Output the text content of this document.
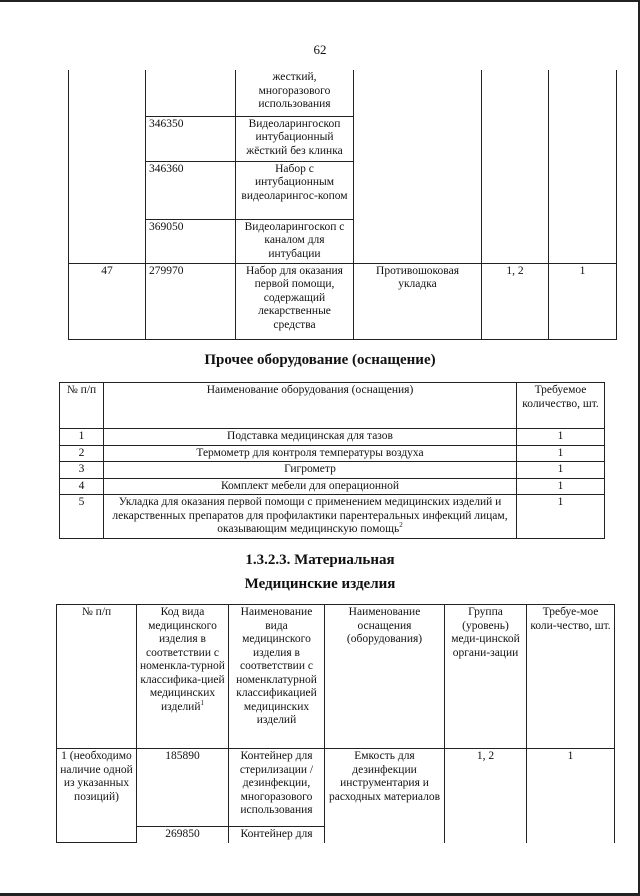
62
		жесткий, многоразового использования			
	346350	Видеоларингоскоп интубационный жёсткий без клинка			
	346360	Набор с интубационным видеоларингос-копом			
	369050	Видеоларингоскоп с каналом для интубации			
47	279970	Набор для оказания первой помощи, содержащий лекарственные средства	Противошоковая укладка	1, 2	1
Прочее оборудование (оснащение)
№ п/п	Наименование оборудования (оснащения)	Требуемое количество, шт.
1	Подставка медицинская для тазов	1
2	Термометр для контроля температуры воздуха	1
3	Гигрометр	1
4	Комплект мебели для операционной	1
5	Укладка для оказания первой помощи с применением медицинских изделий и лекарственных препаратов для профилактики парентеральных инфекций лицам, оказывающим медицинскую помощь$^2$	1
1.3.2.3. Материальная
Медицинские изделия
№ п/п	Код вида медицинского изделия в соответствии с номенкла-турной классифика-цией медицинских изделий$^1$	Наименование вида медицинского изделия в соответствии с номенклатурной классификацией медицинских изделий	Наименование оснащения (оборудования)	Группа (уровень) меди-цинской органи-зации	Требуе-мое коли-чество, шт.
1 (необходимо наличие одной из указанных позиций)	185890	Контейнер для стерилизации /дезинфекции, многоразового использования	Емкость для дезинфекции инструментария и расходных материалов	1, 2	1
	269850	Контейнер для			
